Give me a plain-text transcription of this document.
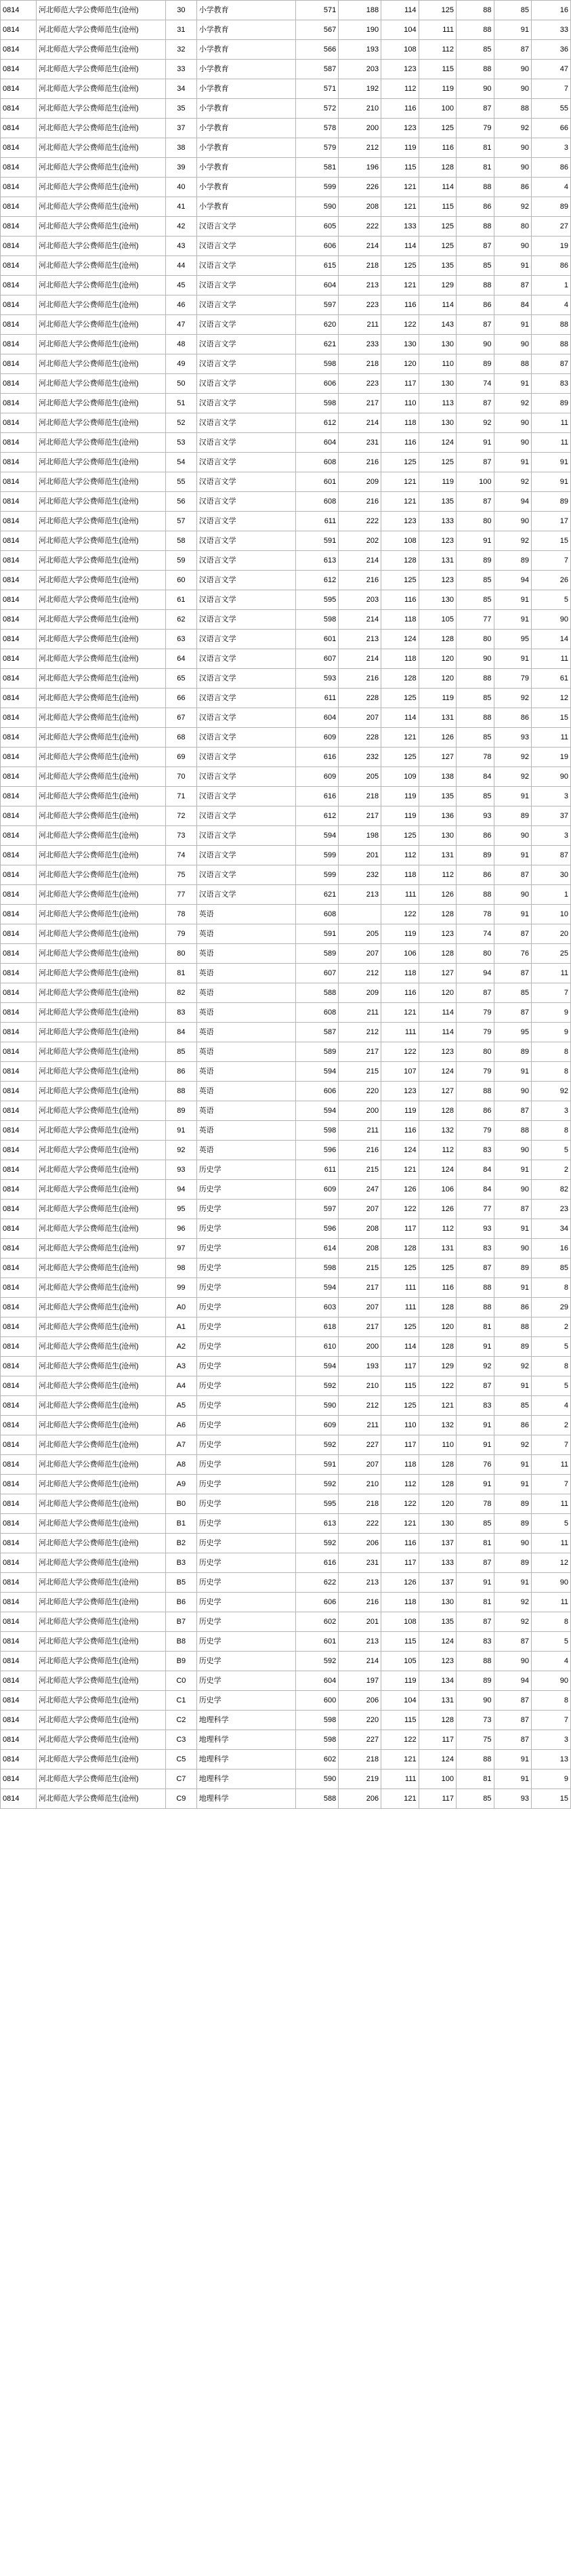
0814	河北师范大学公费师范生(沧州)	30	小学教育	571	188	114	125	88	85	16
0814	河北师范大学公费师范生(沧州)	31	小学教育	567	190	104	111	88	91	33
0814	河北师范大学公费师范生(沧州)	32	小学教育	566	193	108	112	85	87	36
0814	河北师范大学公费师范生(沧州)	33	小学教育	587	203	123	115	88	90	47
0814	河北师范大学公费师范生(沧州)	34	小学教育	571	192	112	119	90	90	7
0814	河北师范大学公费师范生(沧州)	35	小学教育	572	210	116	100	87	88	55
0814	河北师范大学公费师范生(沧州)	37	小学教育	578	200	123	125	79	92	66
0814	河北师范大学公费师范生(沧州)	38	小学教育	579	212	119	116	81	90	3
0814	河北师范大学公费师范生(沧州)	39	小学教育	581	196	115	128	81	90	86
0814	河北师范大学公费师范生(沧州)	40	小学教育	599	226	121	114	88	86	4
0814	河北师范大学公费师范生(沧州)	41	小学教育	590	208	121	115	86	92	89
0814	河北师范大学公费师范生(沧州)	42	汉语言文学	605	222	133	125	88	80	27
0814	河北师范大学公费师范生(沧州)	43	汉语言文学	606	214	114	125	87	90	19
0814	河北师范大学公费师范生(沧州)	44	汉语言文学	615	218	125	135	85	91	86
0814	河北师范大学公费师范生(沧州)	45	汉语言文学	604	213	121	129	88	87	1
0814	河北师范大学公费师范生(沧州)	46	汉语言文学	597	223	116	114	86	84	4
0814	河北师范大学公费师范生(沧州)	47	汉语言文学	620	211	122	143	87	91	88
0814	河北师范大学公费师范生(沧州)	48	汉语言文学	621	233	130	130	90	90	88
0814	河北师范大学公费师范生(沧州)	49	汉语言文学	598	218	120	110	89	88	87
0814	河北师范大学公费师范生(沧州)	50	汉语言文学	606	223	117	130	74	91	83
0814	河北师范大学公费师范生(沧州)	51	汉语言文学	598	217	110	113	87	92	89
0814	河北师范大学公费师范生(沧州)	52	汉语言文学	612	214	118	130	92	90	11
0814	河北师范大学公费师范生(沧州)	53	汉语言文学	604	231	116	124	91	90	11
0814	河北师范大学公费师范生(沧州)	54	汉语言文学	608	216	125	125	87	91	91
0814	河北师范大学公费师范生(沧州)	55	汉语言文学	601	209	121	119	100	92	91
0814	河北师范大学公费师范生(沧州)	56	汉语言文学	608	216	121	135	87	94	89
0814	河北师范大学公费师范生(沧州)	57	汉语言文学	611	222	123	133	80	90	17
0814	河北师范大学公费师范生(沧州)	58	汉语言文学	591	202	108	123	91	92	15
0814	河北师范大学公费师范生(沧州)	59	汉语言文学	613	214	128	131	89	89	7
0814	河北师范大学公费师范生(沧州)	60	汉语言文学	612	216	125	123	85	94	26
0814	河北师范大学公费师范生(沧州)	61	汉语言文学	595	203	116	130	85	91	5
0814	河北师范大学公费师范生(沧州)	62	汉语言文学	598	214	118	105	77	91	90
0814	河北师范大学公费师范生(沧州)	63	汉语言文学	601	213	124	128	80	95	14
0814	河北师范大学公费师范生(沧州)	64	汉语言文学	607	214	118	120	90	91	11
0814	河北师范大学公费师范生(沧州)	65	汉语言文学	593	216	128	120	88	79	61
0814	河北师范大学公费师范生(沧州)	66	汉语言文学	611	228	125	119	85	92	12
0814	河北师范大学公费师范生(沧州)	67	汉语言文学	604	207	114	131	88	86	15
0814	河北师范大学公费师范生(沧州)	68	汉语言文学	609	228	121	126	85	93	11
0814	河北师范大学公费师范生(沧州)	69	汉语言文学	616	232	125	127	78	92	19
0814	河北师范大学公费师范生(沧州)	70	汉语言文学	609	205	109	138	84	92	90
0814	河北师范大学公费师范生(沧州)	71	汉语言文学	616	218	119	135	85	91	3
0814	河北师范大学公费师范生(沧州)	72	汉语言文学	612	217	119	136	93	89	37
0814	河北师范大学公费师范生(沧州)	73	汉语言文学	594	198	125	130	86	90	3
0814	河北师范大学公费师范生(沧州)	74	汉语言文学	599	201	112	131	89	91	87
0814	河北师范大学公费师范生(沧州)	75	汉语言文学	599	232	118	112	86	87	30
0814	河北师范大学公费师范生(沧州)	77	汉语言文学	621	213	111	126	88	90	1
0814	河北师范大学公费师范生(沧州)	78	英语	608		122	128	78	91	10
0814	河北师范大学公费师范生(沧州)	79	英语	591	205	119	123	74	87	20
0814	河北师范大学公费师范生(沧州)	80	英语	589	207	106	128	80	76	25
0814	河北师范大学公费师范生(沧州)	81	英语	607	212	118	127	94	87	11
0814	河北师范大学公费师范生(沧州)	82	英语	588	209	116	120	87	85	7
0814	河北师范大学公费师范生(沧州)	83	英语	608	211	121	114	79	87	9
0814	河北师范大学公费师范生(沧州)	84	英语	587	212	111	114	79	95	9
0814	河北师范大学公费师范生(沧州)	85	英语	589	217	122	123	80	89	8
0814	河北师范大学公费师范生(沧州)	86	英语	594	215	107	124	79	91	8
0814	河北师范大学公费师范生(沧州)	88	英语	606	220	123	127	88	90	92
0814	河北师范大学公费师范生(沧州)	89	英语	594	200	119	128	86	87	3
0814	河北师范大学公费师范生(沧州)	91	英语	598	211	116	132	79	88	8
0814	河北师范大学公费师范生(沧州)	92	英语	596	216	124	112	83	90	5
0814	河北师范大学公费师范生(沧州)	93	历史学	611	215	121	124	84	91	2
0814	河北师范大学公费师范生(沧州)	94	历史学	609	247	126	106	84	90	82
0814	河北师范大学公费师范生(沧州)	95	历史学	597	207	122	126	77	87	23
0814	河北师范大学公费师范生(沧州)	96	历史学	596	208	117	112	93	91	34
0814	河北师范大学公费师范生(沧州)	97	历史学	614	208	128	131	83	90	16
0814	河北师范大学公费师范生(沧州)	98	历史学	598	215	125	125	87	89	85
0814	河北师范大学公费师范生(沧州)	99	历史学	594	217	111	116	88	91	8
0814	河北师范大学公费师范生(沧州)	A0	历史学	603	207	111	128	88	86	29
0814	河北师范大学公费师范生(沧州)	A1	历史学	618	217	125	120	81	88	2
0814	河北师范大学公费师范生(沧州)	A2	历史学	610	200	114	128	91	89	5
0814	河北师范大学公费师范生(沧州)	A3	历史学	594	193	117	129	92	92	8
0814	河北师范大学公费师范生(沧州)	A4	历史学	592	210	115	122	87	91	5
0814	河北师范大学公费师范生(沧州)	A5	历史学	590	212	125	121	83	85	4
0814	河北师范大学公费师范生(沧州)	A6	历史学	609	211	110	132	91	86	2
0814	河北师范大学公费师范生(沧州)	A7	历史学	592	227	117	110	91	92	7
0814	河北师范大学公费师范生(沧州)	A8	历史学	591	207	118	128	76	91	11
0814	河北师范大学公费师范生(沧州)	A9	历史学	592	210	112	128	91	91	7
0814	河北师范大学公费师范生(沧州)	B0	历史学	595	218	122	120	78	89	11
0814	河北师范大学公费师范生(沧州)	B1	历史学	613	222	121	130	85	89	5
0814	河北师范大学公费师范生(沧州)	B2	历史学	592	206	116	137	81	90	11
0814	河北师范大学公费师范生(沧州)	B3	历史学	616	231	117	133	87	89	12
0814	河北师范大学公费师范生(沧州)	B5	历史学	622	213	126	137	91	91	90
0814	河北师范大学公费师范生(沧州)	B6	历史学	606	216	118	130	81	92	11
0814	河北师范大学公费师范生(沧州)	B7	历史学	602	201	108	135	87	92	8
0814	河北师范大学公费师范生(沧州)	B8	历史学	601	213	115	124	83	87	5
0814	河北师范大学公费师范生(沧州)	B9	历史学	592	214	105	123	88	90	4
0814	河北师范大学公费师范生(沧州)	C0	历史学	604	197	119	134	89	94	90
0814	河北师范大学公费师范生(沧州)	C1	历史学	600	206	104	131	90	87	8
0814	河北师范大学公费师范生(沧州)	C2	地理科学	598	220	115	128	73	87	7
0814	河北师范大学公费师范生(沧州)	C3	地理科学	598	227	122	117	75	87	3
0814	河北师范大学公费师范生(沧州)	C5	地理科学	602	218	121	124	88	91	13
0814	河北师范大学公费师范生(沧州)	C7	地理科学	590	219	111	100	81	91	9
0814	河北师范大学公费师范生(沧州)	C9	地理科学	588	206	121	117	85	93	15
